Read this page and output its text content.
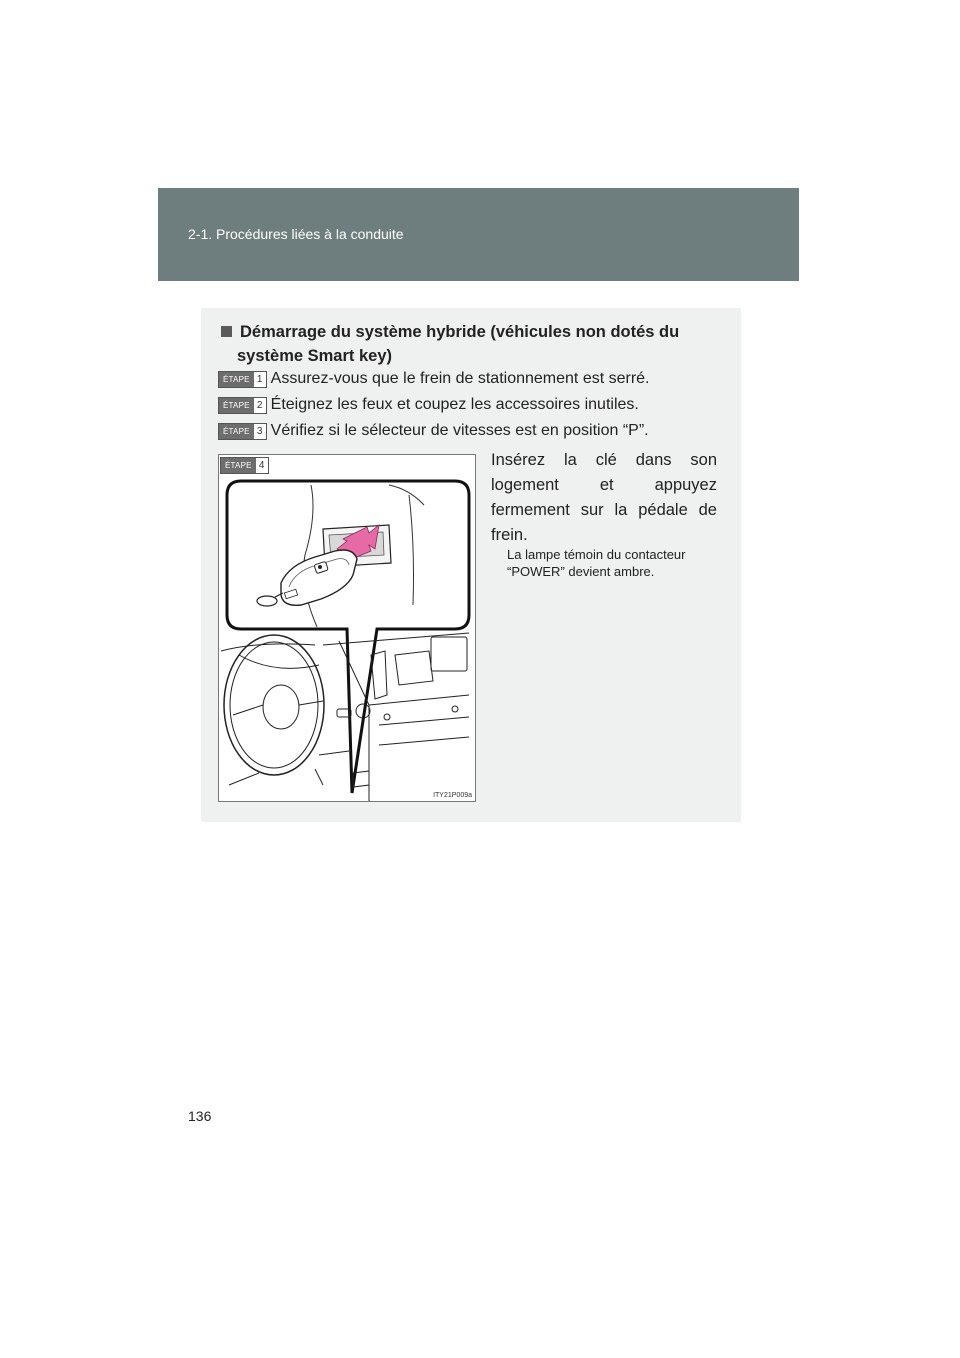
2-1. Procédures liées à la conduite
Démarrage du système hybride (véhicules non dotés du
système Smart key)
ÉTAPE 1 Assurez-vous que le frein de stationnement est serré.
ÉTAPE 2 Éteignez les feux et coupez les accessoires inutiles.
ÉTAPE 3 Vérifiez si le sélecteur de vitesses est en position “P”.
ÉTAPE 4
ITY21P009a
Insérez la clé dans son logement et appuyez fermement sur la pédale de frein.
La lampe témoin du contacteur “POWER” devient ambre.
136
